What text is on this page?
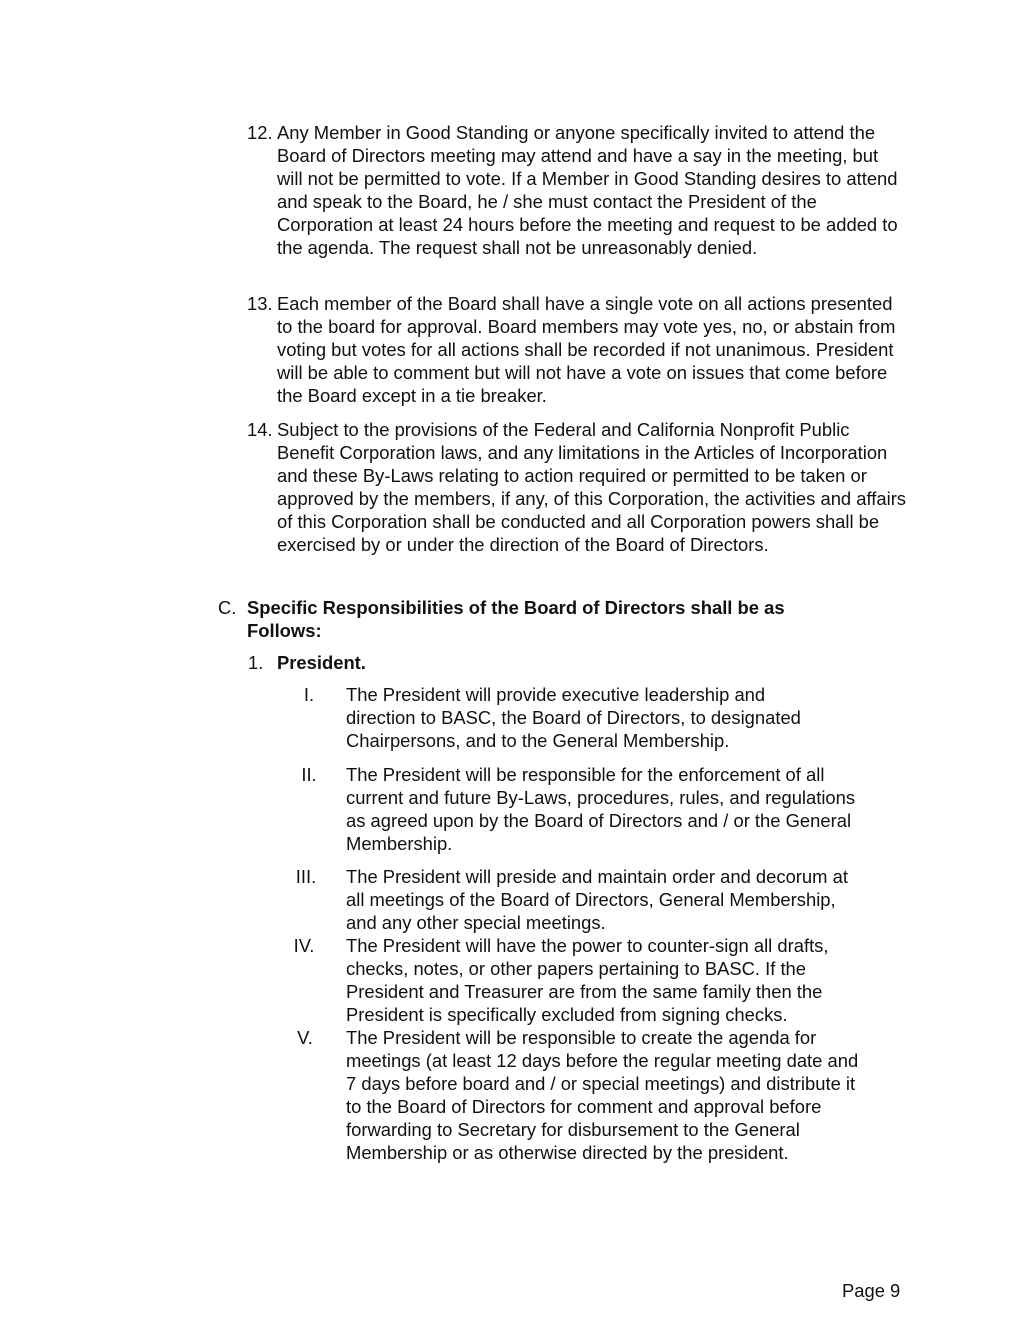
12. Any Member in Good Standing or anyone specifically invited to attend the Board of Directors meeting may attend and have a say in the meeting, but will not be permitted to vote. If a Member in Good Standing desires to attend and speak to the Board, he / she must contact the President of the Corporation at least 24 hours before the meeting and request to be added to the agenda. The request shall not be unreasonably denied.
13. Each member of the Board shall have a single vote on all actions presented to the board for approval. Board members may vote yes, no, or abstain from voting but votes for all actions shall be recorded if not unanimous. President will be able to comment but will not have a vote on issues that come before the Board except in a tie breaker.
14. Subject to the provisions of the Federal and California Nonprofit Public Benefit Corporation laws, and any limitations in the Articles of Incorporation and these By-Laws relating to action required or permitted to be taken or approved by the members, if any, of this Corporation, the activities and affairs of this Corporation shall be conducted and all Corporation powers shall be exercised by or under the direction of the Board of Directors.
C. Specific Responsibilities of the Board of Directors shall be as Follows:
1. President.
I.	The President will provide executive leadership and direction to BASC, the Board of Directors, to designated Chairpersons, and to the General Membership.
II.	The President will be responsible for the enforcement of all current and future By-Laws, procedures, rules, and regulations as agreed upon by the Board of Directors and / or the General Membership.
III.	The President will preside and maintain order and decorum at all meetings of the Board of Directors, General Membership, and any other special meetings.
IV.	The President will have the power to counter-sign all drafts, checks, notes, or other papers pertaining to BASC. If the President and Treasurer are from the same family then the President is specifically excluded from signing checks.
V.	The President will be responsible to create the agenda for meetings (at least 12 days before the regular meeting date and 7 days before board and / or special meetings) and distribute it to the Board of Directors for comment and approval before forwarding to Secretary for disbursement to the General Membership or as otherwise directed by the president.
Page 9
